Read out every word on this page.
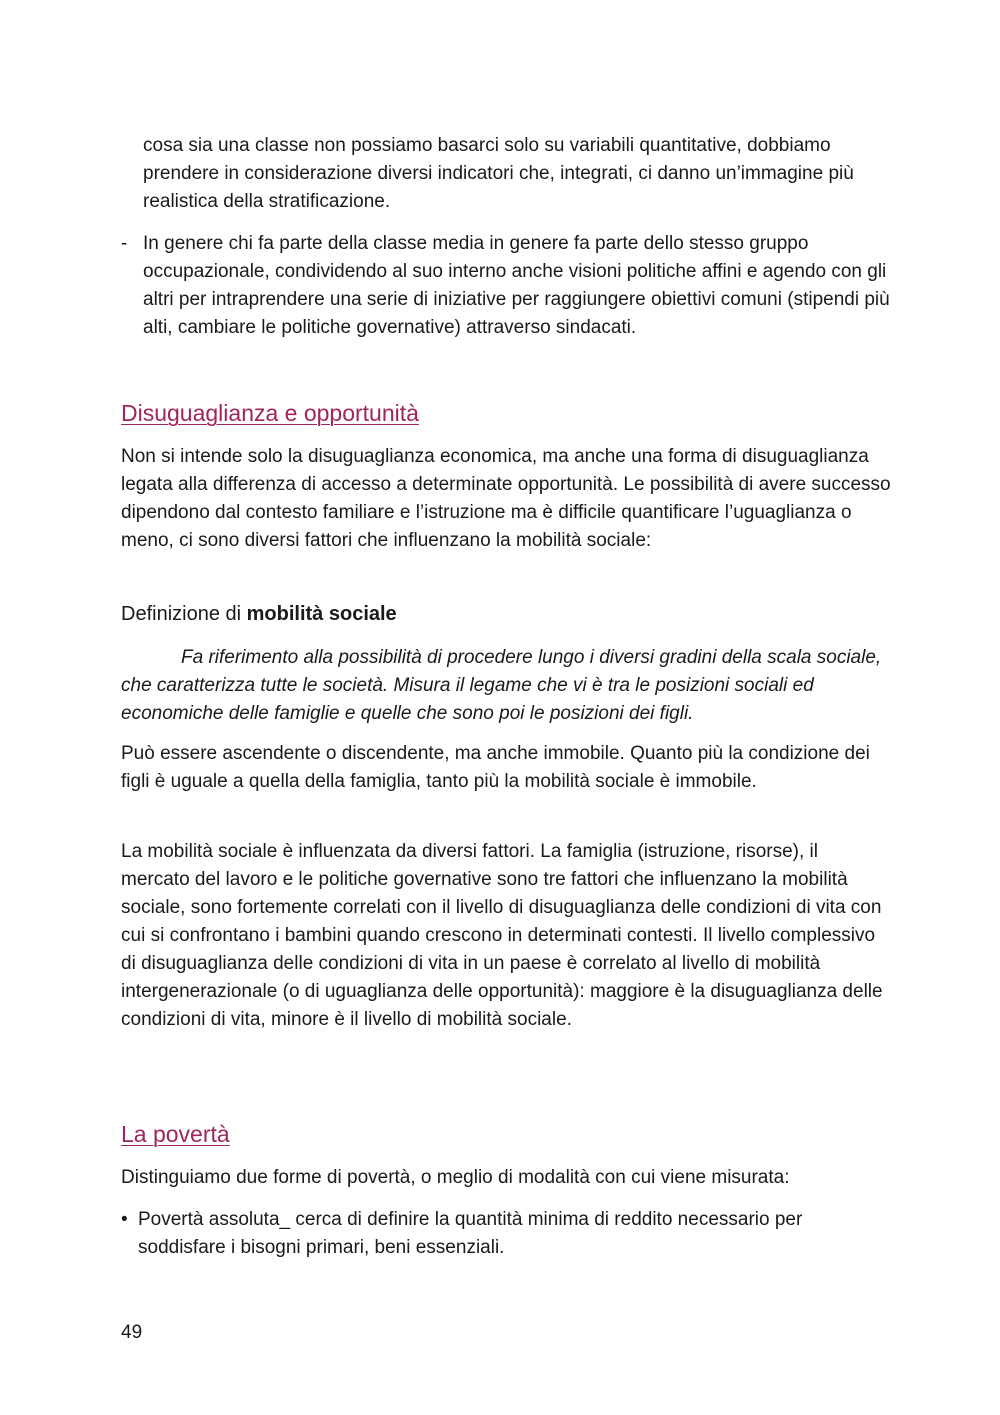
cosa sia una classe non possiamo basarci solo su variabili quantitative, dobbiamo prendere in considerazione diversi indicatori che, integrati, ci danno un’immagine più realistica della stratificazione.
- In genere chi fa parte della classe media in genere fa parte dello stesso gruppo occupazionale, condividendo al suo interno anche visioni politiche affini e agendo con gli altri per intraprendere una serie di iniziative per raggiungere obiettivi comuni (stipendi più alti, cambiare le politiche governative) attraverso sindacati.
Disuguaglianza e opportunità
Non si intende solo la disuguaglianza economica, ma anche una forma di disuguaglianza legata alla differenza di accesso a determinate opportunità. Le possibilità di avere successo dipendono dal contesto familiare e l’istruzione ma è difficile quantificare l’uguaglianza o meno, ci sono diversi fattori che influenzano la mobilità sociale:
Definizione di mobilità sociale
Fa riferimento alla possibilità di procedere lungo i diversi gradini della scala sociale, che caratterizza tutte le società. Misura il legame che vi è tra le posizioni sociali ed economiche delle famiglie e quelle che sono poi le posizioni dei figli.
Può essere ascendente o discendente, ma anche immobile. Quanto più la condizione dei figli è uguale a quella della famiglia, tanto più la mobilità sociale è immobile.
La mobilità sociale è influenzata da diversi fattori. La famiglia (istruzione, risorse), il mercato del lavoro e le politiche governative sono tre fattori che influenzano la mobilità sociale, sono fortemente correlati con il livello di disuguaglianza delle condizioni di vita con cui si confrontano i bambini quando crescono in determinati contesti. Il livello complessivo di disuguaglianza delle condizioni di vita in un paese è correlato al livello di mobilità intergenerazionale (o di uguaglianza delle opportunità): maggiore è la disuguaglianza delle condizioni di vita, minore è il livello di mobilità sociale.
La povertà
Distinguiamo due forme di povertà, o meglio di modalità con cui viene misurata:
• Povertà assoluta_ cerca di definire la quantità minima di reddito necessario per soddisfare i bisogni primari, beni essenziali.
49
